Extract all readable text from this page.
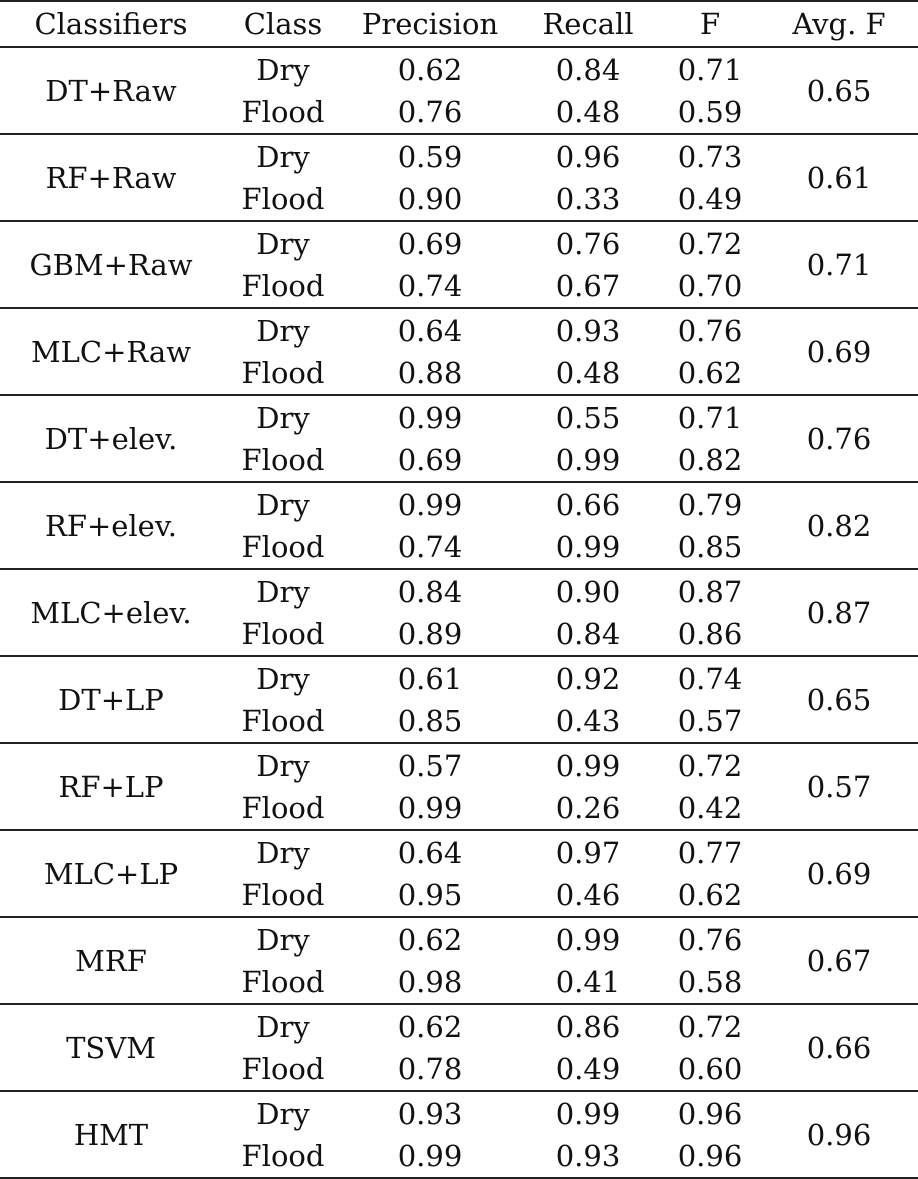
Classifiers	Class	Precision	Recall	F	Avg. F
DT+Raw	Dry	0.62	0.84	0.71	0.65
	Flood	0.76	0.48	0.59	
RF+Raw	Dry	0.59	0.96	0.73	0.61
	Flood	0.90	0.33	0.49	
GBM+Raw	Dry	0.69	0.76	0.72	0.71
	Flood	0.74	0.67	0.70	
MLC+Raw	Dry	0.64	0.93	0.76	0.69
	Flood	0.88	0.48	0.62	
DT+elev.	Dry	0.99	0.55	0.71	0.76
	Flood	0.69	0.99	0.82	
RF+elev.	Dry	0.99	0.66	0.79	0.82
	Flood	0.74	0.99	0.85	
MLC+elev.	Dry	0.84	0.90	0.87	0.87
	Flood	0.89	0.84	0.86	
DT+LP	Dry	0.61	0.92	0.74	0.65
	Flood	0.85	0.43	0.57	
RF+LP	Dry	0.57	0.99	0.72	0.57
	Flood	0.99	0.26	0.42	
MLC+LP	Dry	0.64	0.97	0.77	0.69
	Flood	0.95	0.46	0.62	
MRF	Dry	0.62	0.99	0.76	0.67
	Flood	0.98	0.41	0.58	
TSVM	Dry	0.62	0.86	0.72	0.66
	Flood	0.78	0.49	0.60	
HMT	Dry	0.93	0.99	0.96	0.96
	Flood	0.99	0.93	0.96	
